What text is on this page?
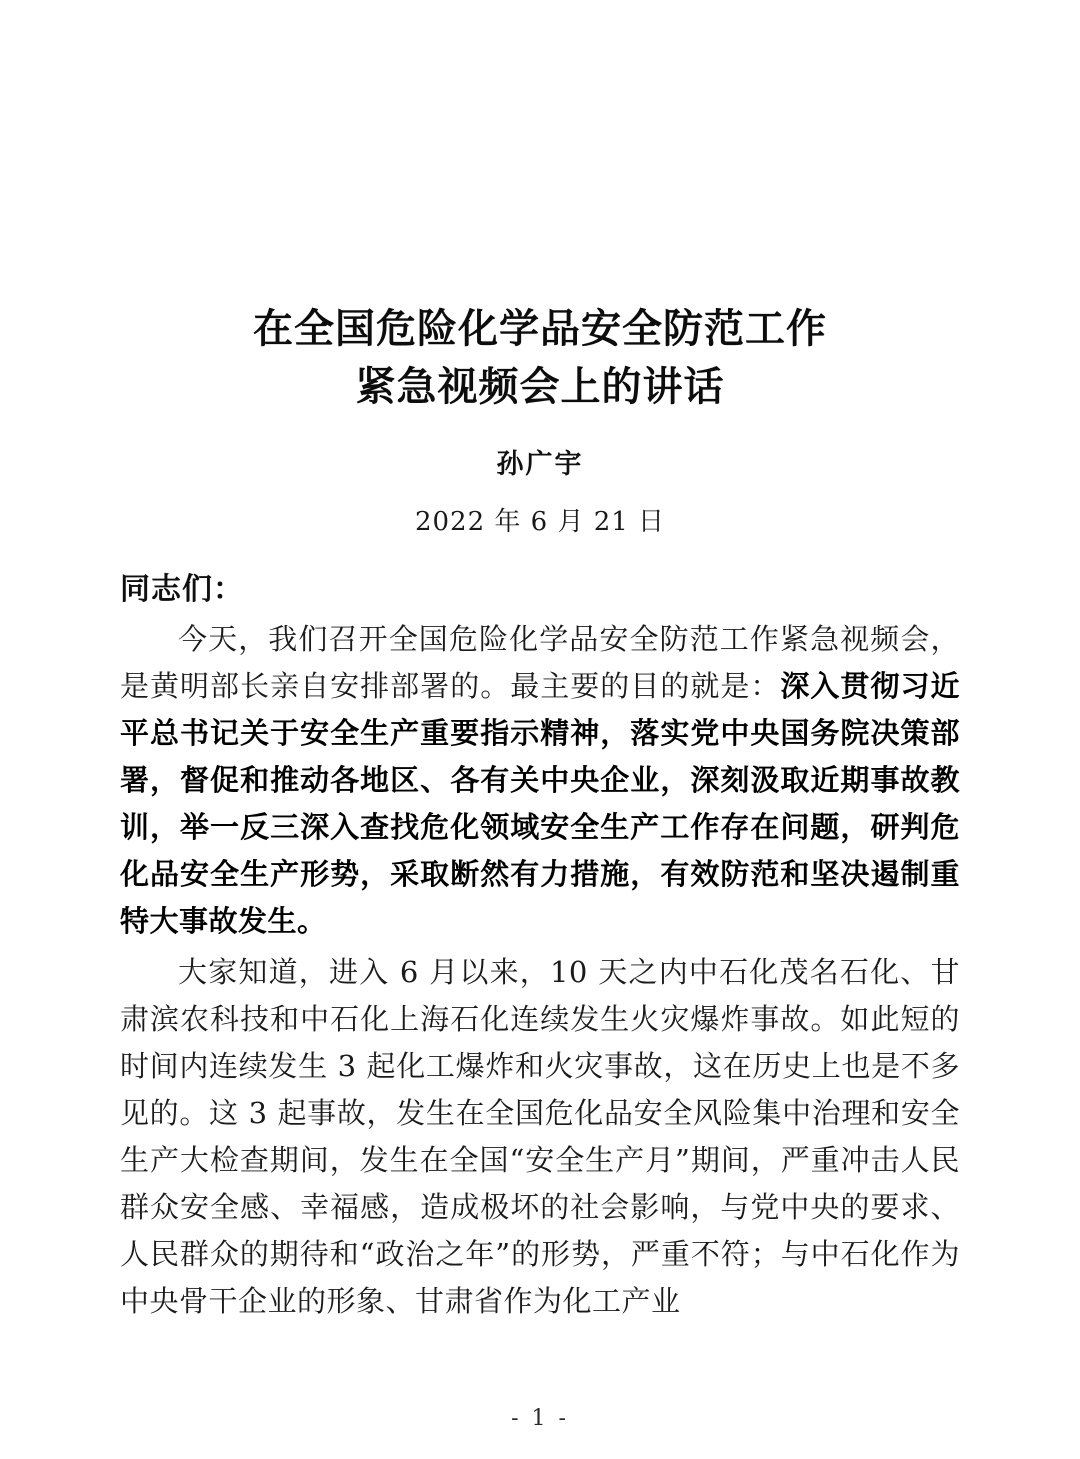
在全国危险化学品安全防范工作
紧急视频会上的讲话
孙广宇
2022 年 6 月 21 日
同志们：

今天，我们召开全国危险化学品安全防范工作紧急视频会，是黄明部长亲自安排部署的。最主要的目的就是：深入贯彻习近平总书记关于安全生产重要指示精神，落实党中央国务院决策部署，督促和推动各地区、各有关中央企业，深刻汲取近期事故教训，举一反三深入查找危化领域安全生产工作存在问题，研判危化品安全生产形势，采取断然有力措施，有效防范和坚决遏制重特大事故发生。

大家知道，进入 6 月以来，10 天之内中石化茂名石化、甘肃滨农科技和中石化上海石化连续发生火灾爆炸事故。如此短的时间内连续发生 3 起化工爆炸和火灾事故，这在历史上也是不多见的。这 3 起事故，发生在全国危化品安全风险集中治理和安全生产大检查期间，发生在全国“安全生产月”期间，严重冲击人民群众安全感、幸福感，造成极坏的社会影响，与党中央的要求、人民群众的期待和“政治之年”的形势，严重不符；与中石化作为中央骨干企业的形象、甘肃省作为化工产业

- 1 -
